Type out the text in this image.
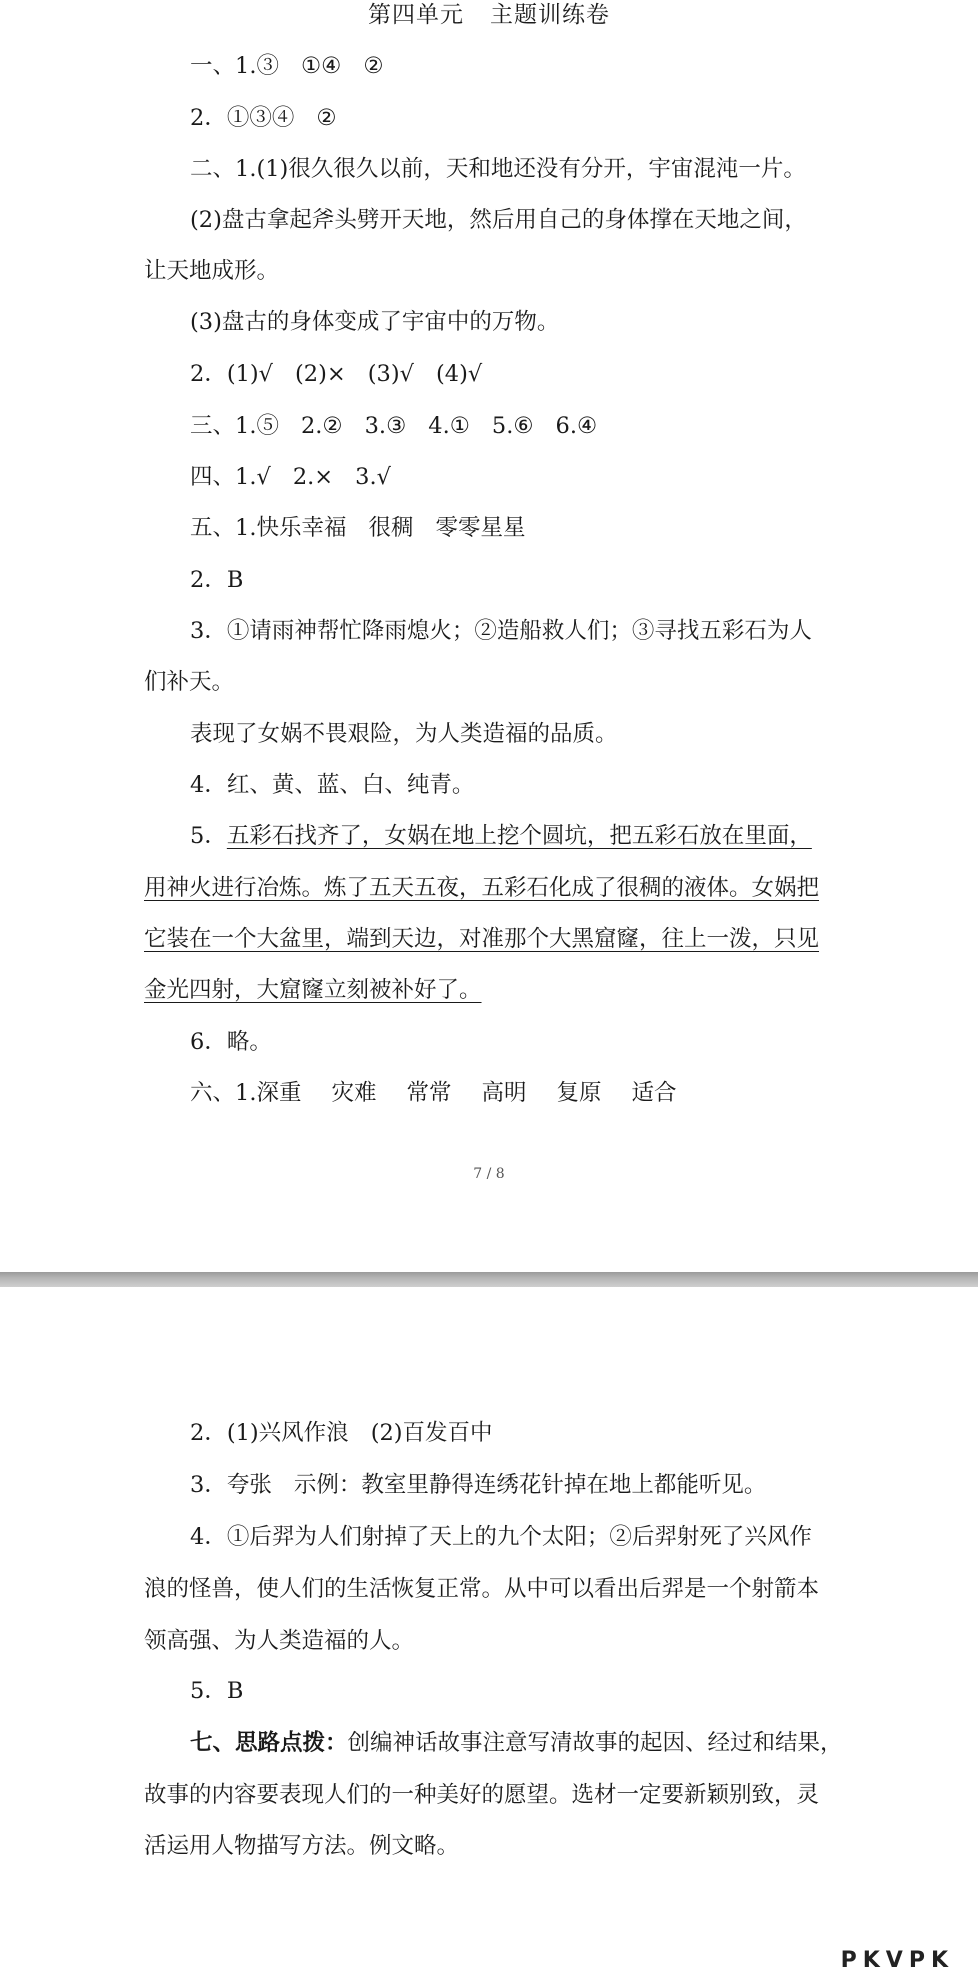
第四单元 主题训练卷
一、1.③ ①④ ②
2．①③④ ②
二、1.(1)很久很久以前，天和地还没有分开，宇宙混沌一片。
(2)盘古拿起斧头劈开天地，然后用自己的身体撑在天地之间，
让天地成形。
(3)盘古的身体变成了宇宙中的万物。
2．(1)√ (2)× (3)√ (4)√
三、1.⑤ 2.② 3.③ 4.① 5.⑥ 6.④
四、1.√ 2.× 3.√
五、1.快乐幸福 很稠 零零星星
2．B
3．①请雨神帮忙降雨熄火；②造船救人们；③寻找五彩石为人
们补天。
表现了女娲不畏艰险，为人类造福的品质。
4．红、黄、蓝、白、纯青。
5．五彩石找齐了，女娲在地上挖个圆坑，把五彩石放在里面，
用神火进行冶炼。炼了五天五夜，五彩石化成了很稠的液体。女娲把
它装在一个大盆里，端到天边，对准那个大黑窟窿，往上一泼，只见
金光四射，大窟窿立刻被补好了。
6．略。
六、1.深重 灾难 常常 高明 复原 适合
7 / 8
2．(1)兴风作浪 (2)百发百中
3．夸张 示例：教室里静得连绣花针掉在地上都能听见。
4．①后羿为人们射掉了天上的九个太阳；②后羿射死了兴风作
浪的怪兽，使人们的生活恢复正常。从中可以看出后羿是一个射箭本
领高强、为人类造福的人。
5．B
七、思路点拨：创编神话故事注意写清故事的起因、经过和结果，
故事的内容要表现人们的一种美好的愿望。选材一定要新颖别致，灵
活运用人物描写方法。例文略。
PKVPK
